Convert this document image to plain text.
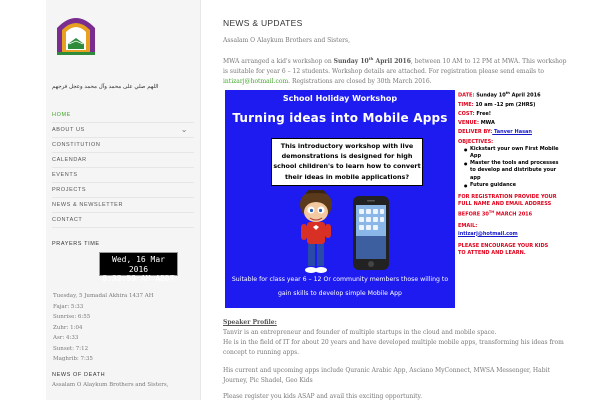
اللهم صلي على محمد وآل محمد وعجل فرجهم
HOME
ABOUT US	⌄
CONSTITUTION
CALENDAR
EVENTS
PROJECTS
NEWS & NEWSLETTER
CONTACT
PRAYERS TIME
Wed, 16 Mar 2016
8:32:53 AM AEDT
Tuesday, 5 Jumadal Akhira 1437 AH
Fajar: 5:33
Sunrise: 6:55
Zuhr: 1:04
Asr: 4:33
Sunset: 7:12
Maghrib: 7:35
NEWS OF DEATH
Assalam O Alaykum Brothers and Sisters,
NEWS & UPDATES
Assalam O Alaykum Brothers and Sisters,
MWA arranged a kid's workshop on Sunday 10th April 2016, between 10 AM to 12 PM at MWA. This workshop is suitable for year 6 – 12 students. Workshop details are attached. For registration please send emails to intizarj@hotmail.com. Registrations are closed by 30th March 2016.
School Holiday Workshop
Turning ideas into Mobile Apps
This introductory workshop with live demonstrations is designed for high school children's to learn how to convert their ideas in mobile applications?
Suitable for class year 6 – 12 Or community members those willing to gain skills to develop simple Mobile App
DATE: Sunday 10th April 2016
TIME: 10 am -12 pm (2HRS)
COST: Free!
VENUE: MWA
DELIVER BY: Tanver Hasan
OBJECTIVES:
● Kickstart your own First Mobile App
● Master the tools and processes to develop and distribute your app
● Future guidance
FOR REGISTRATION PROVIDE YOUR FULL NAME AND EMAIL ADDRESS BEFORE 30TH MARCH 2016
EMAIL:
intizarj@hotmail.com
PLEASE ENCOURAGE YOUR KIDS TO ATTEND AND LEARN.
Speaker Profile:
Tanvir is an entrepreneur and founder of multiple startups in the cloud and mobile space.
He is in the field of IT for about 20 years and have developed multiple mobile apps, transforming his ideas from concept to running apps.
His current and upcoming apps include Quranic Arabic App, Asciano MyConnect, MWSA Messenger, Habit Journey, Pic Shadel, Geo Kids
Please register you kids ASAP and avail this exciting opportunity.
